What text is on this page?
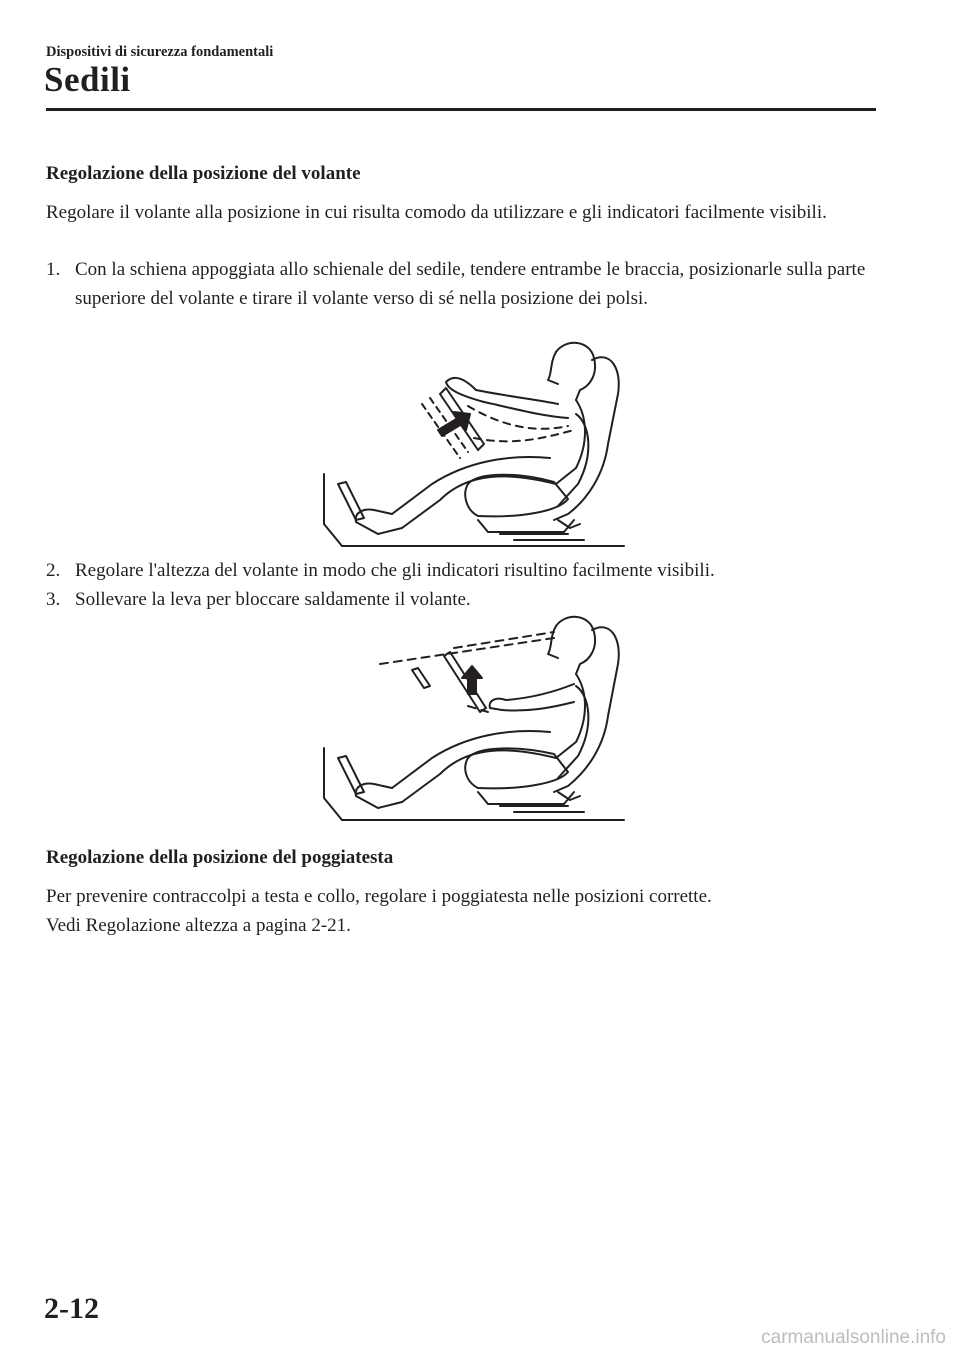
Dispositivi di sicurezza fondamentali

Sedili
Regolazione della posizione del volante

Regolare il volante alla posizione in cui risulta comodo da utilizzare e gli indicatori facilmente visibili.

1. Con la schiena appoggiata allo schienale del sedile, tendere entrambe le braccia, posizionarle sulla parte superiore del volante e tirare il volante verso di sé nella posizione dei polsi.

2. Regolare l'altezza del volante in modo che gli indicatori risultino facilmente visibili.

3. Sollevare la leva per bloccare saldamente il volante.

Regolazione della posizione del poggiatesta

Per prevenire contraccolpi a testa e collo, regolare i poggiatesta nelle posizioni corrette.

Vedi Regolazione altezza a pagina 2-21.

2-12

carmanualsonline.info
